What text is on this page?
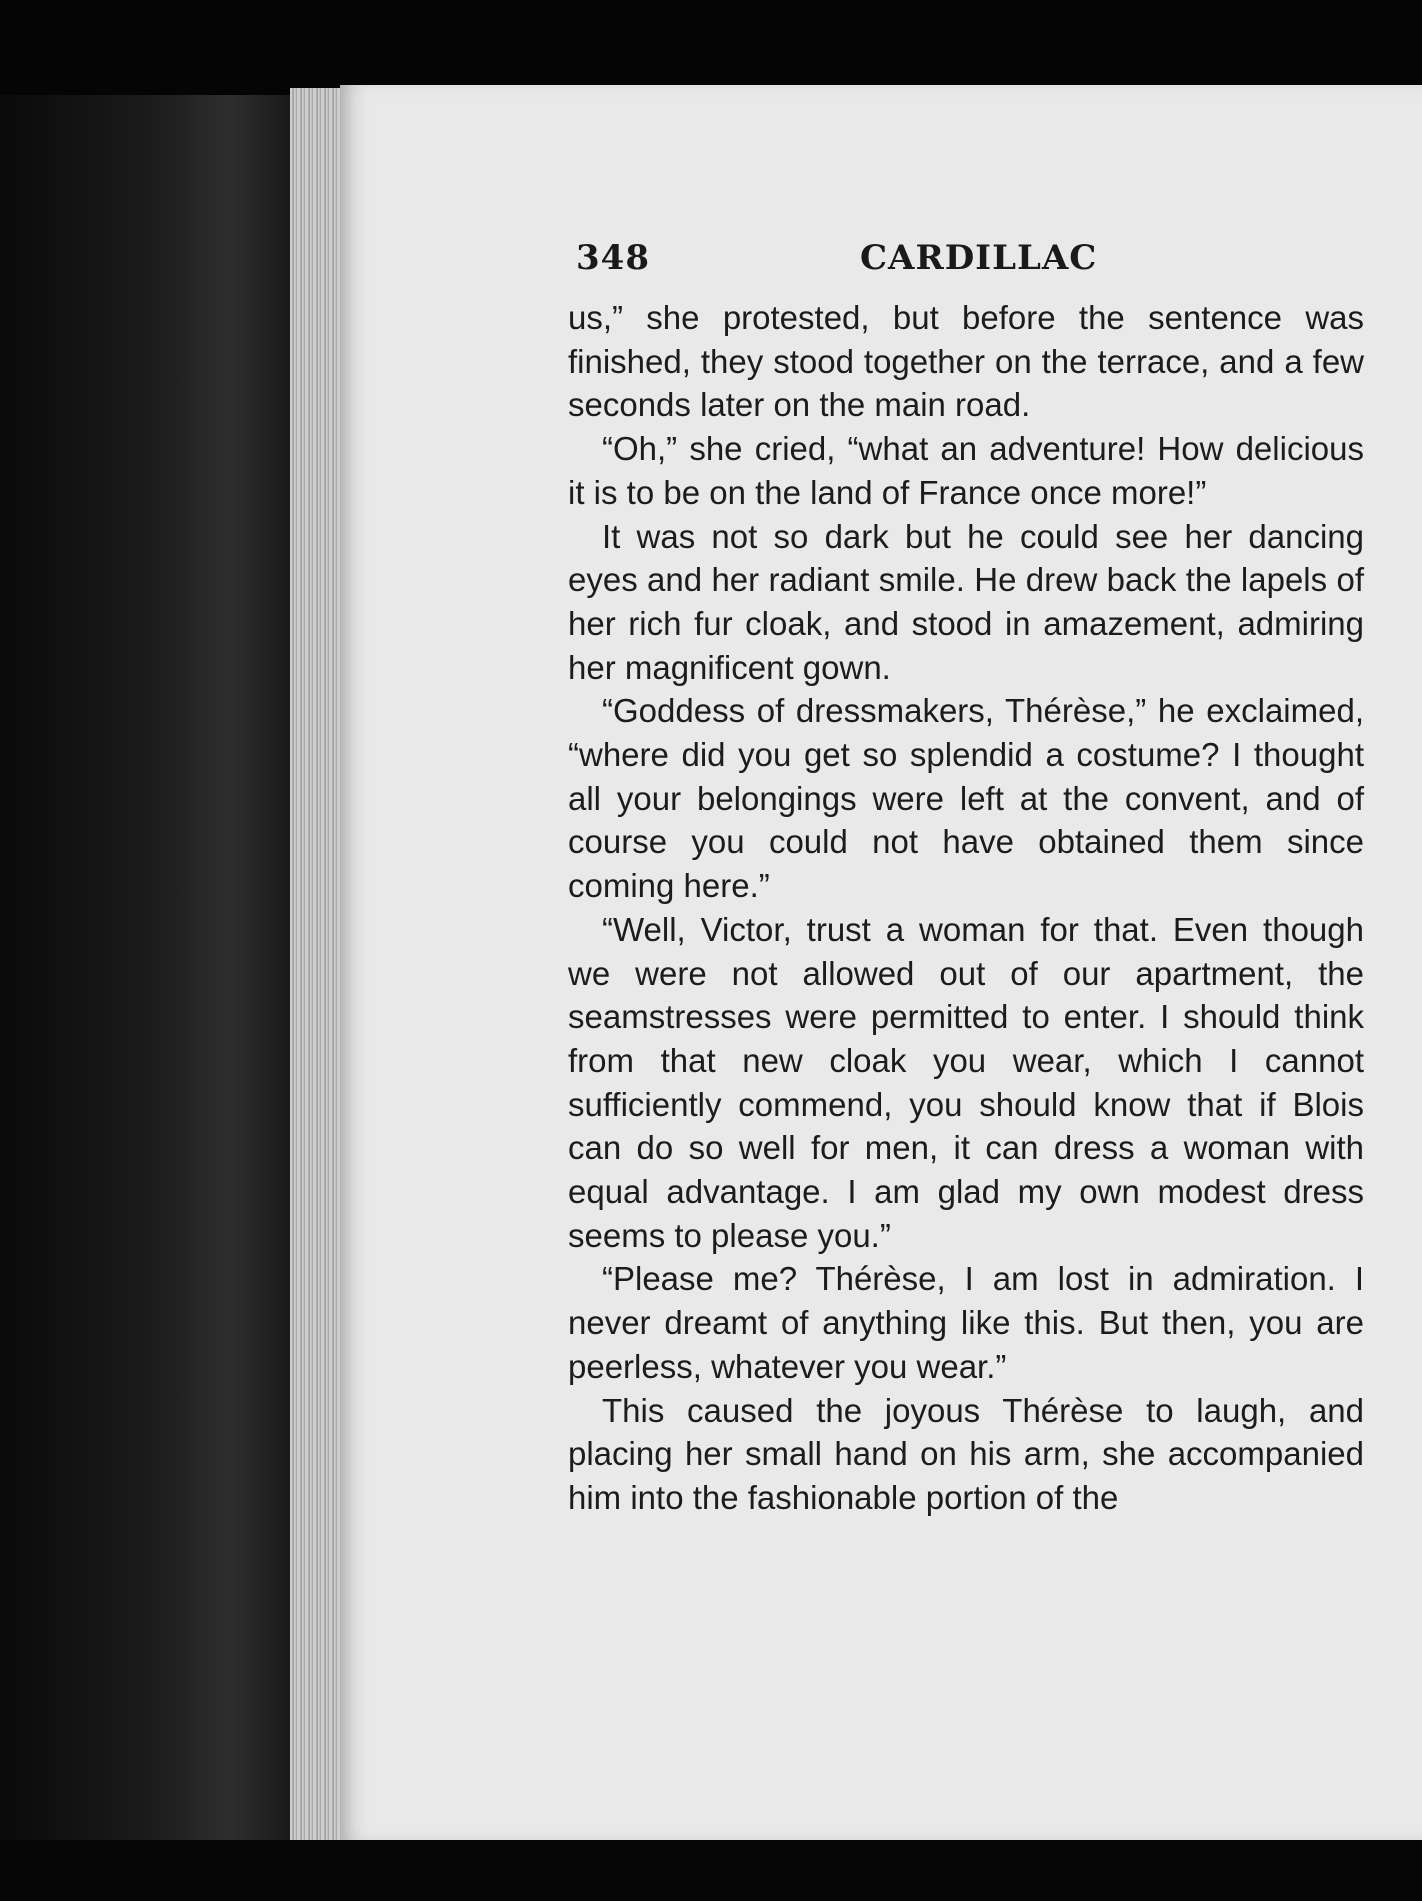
348	CARDILLAC

us,” she protested, but before the sentence was finished, they stood together on the terrace, and a few seconds later on the main road.

“Oh,” she cried, “what an adventure! How delicious it is to be on the land of France once more!”

It was not so dark but he could see her dancing eyes and her radiant smile. He drew back the lapels of her rich fur cloak, and stood in amazement, admiring her magnificent gown.

“Goddess of dressmakers, Thérèse,” he exclaimed, “where did you get so splendid a costume? I thought all your belongings were left at the convent, and of course you could not have obtained them since coming here.”

“Well, Victor, trust a woman for that. Even though we were not allowed out of our apartment, the seamstresses were permitted to enter. I should think from that new cloak you wear, which I cannot sufficiently commend, you should know that if Blois can do so well for men, it can dress a woman with equal advantage. I am glad my own modest dress seems to please you.”

“Please me? Thérèse, I am lost in admiration. I never dreamt of anything like this. But then, you are peerless, whatever you wear.”

This caused the joyous Thérèse to laugh, and placing her small hand on his arm, she accompanied him into the fashionable portion of the
